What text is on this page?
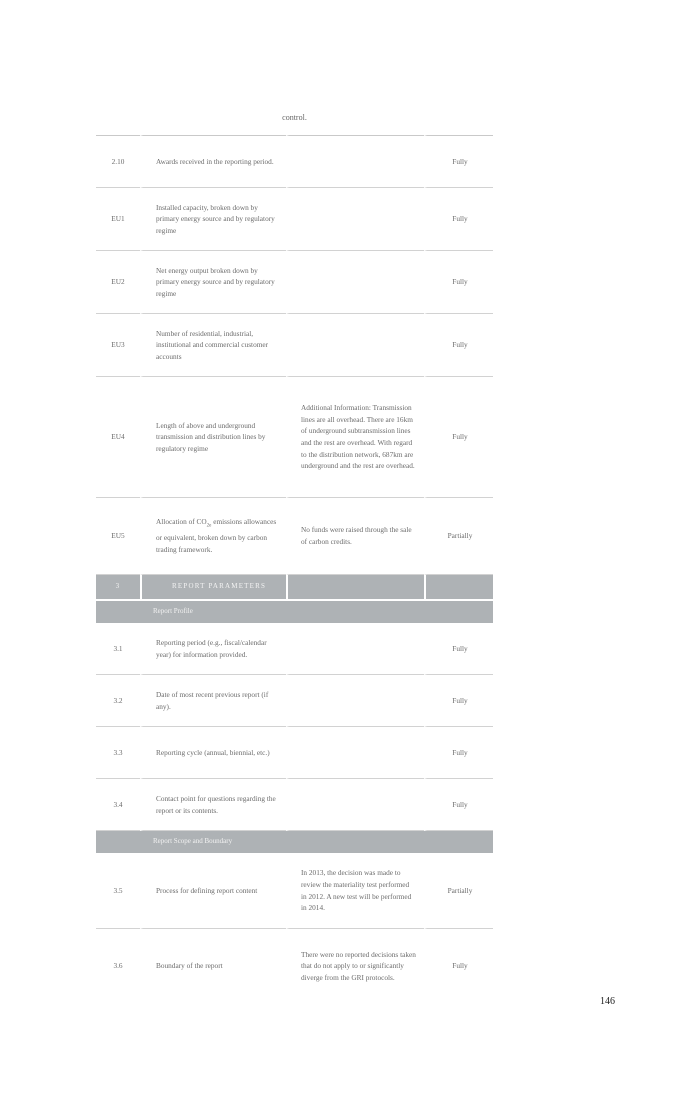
control.
2.10	Awards received in the reporting period.		Fully
EU1	Installed capacity, broken down by primary energy source and by regulatory regime		Fully
EU2	Net energy output broken down by primary energy source and by regulatory regime		Fully
EU3	Number of residential, industrial, institutional and commercial customer accounts		Fully
EU4	Length of above and underground transmission and distribution lines by regulatory regime	Additional Information: Transmission lines are all overhead. There are 16km of underground subtransmission lines and the rest are overhead. With regard to the distribution network, 687km are underground and the rest are overhead.	Fully
EU5	Allocation of $CO_{2e}$ emissions allowances or equivalent, broken down by carbon trading framework.	No funds were raised through the sale of carbon credits.	Partially
3	REPORT PARAMETERS		
Report Profile			
3.1	Reporting period (e.g., fiscal/calendar year) for information provided.		Fully
3.2	Date of most recent previous report (if any).		Fully
3.3	Reporting cycle (annual, biennial, etc.)		Fully
3.4	Contact point for questions regarding the report or its contents.		Fully
Report Scope and Boundary			
3.5	Process for defining report content	In 2013, the decision was made to review the materiality test performed in 2012. A new test will be performed in 2014.	Partially
3.6	Boundary of the report	There were no reported decisions taken that do not apply to or significantly diverge from the GRI protocols.	Fully
146
